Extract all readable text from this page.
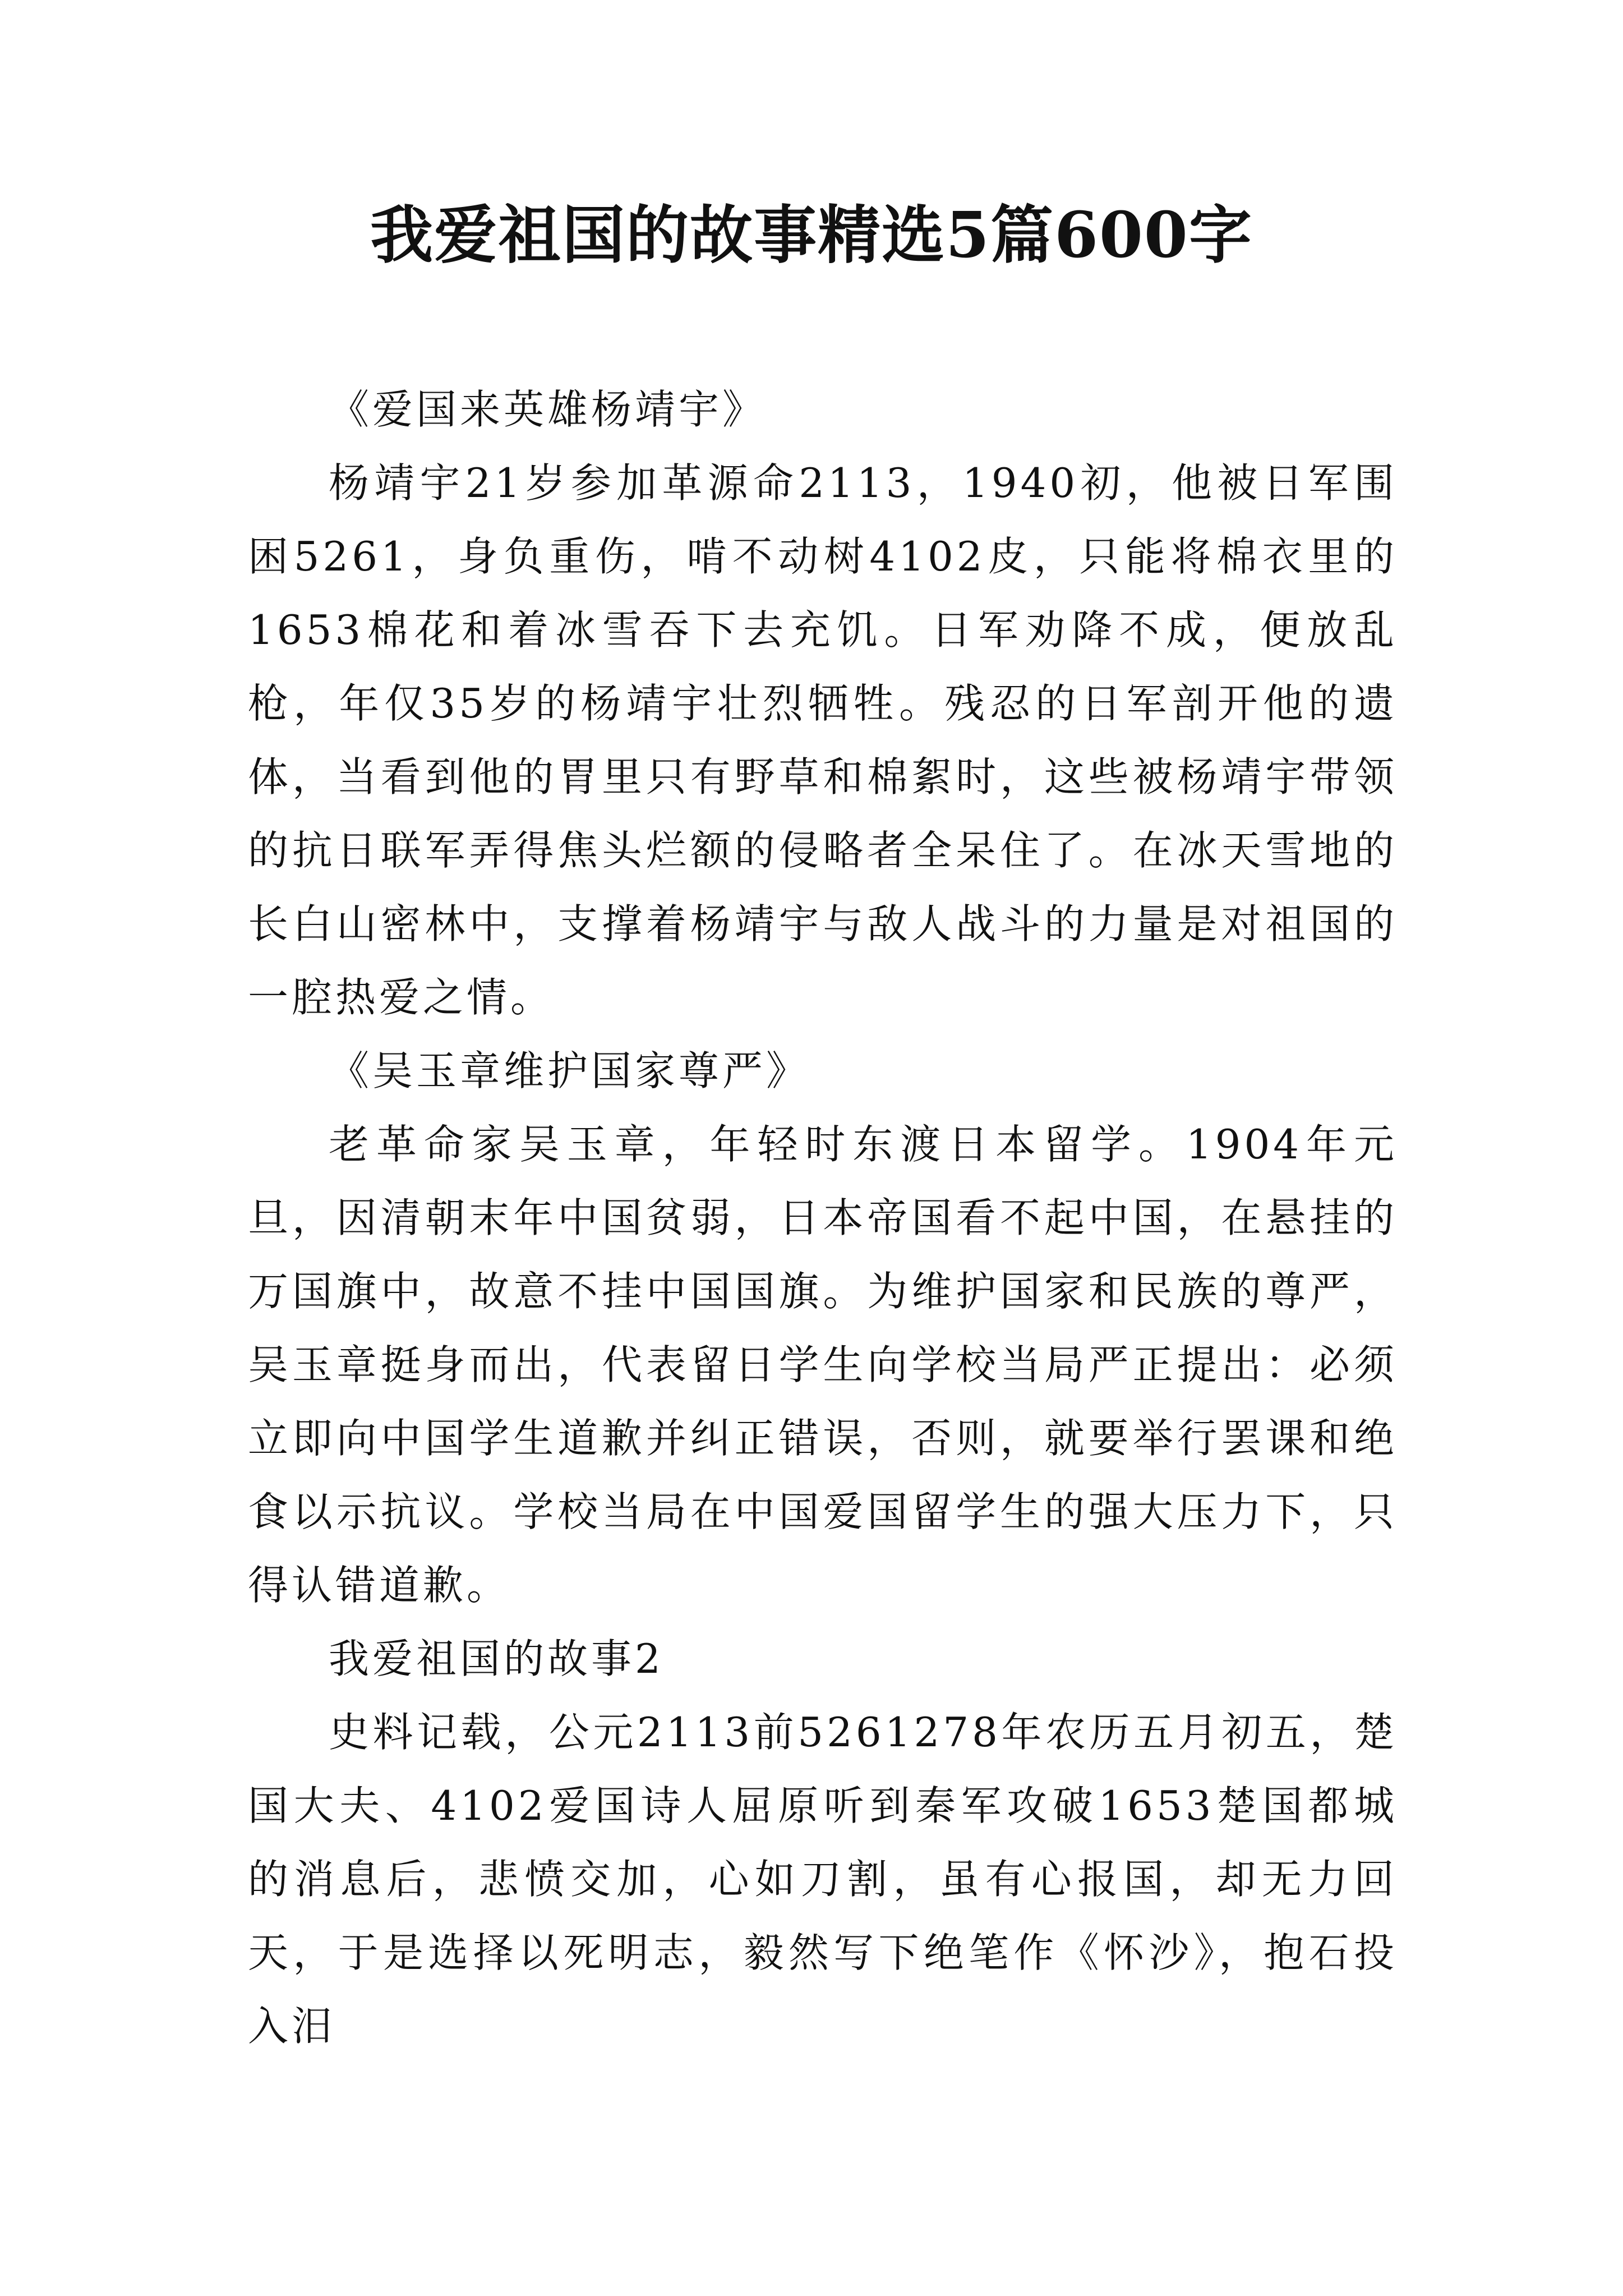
我爱祖国的故事精选5篇600字

《爱国来英雄杨靖宇》

杨靖宇21岁参加革源命2113，1940初，他被日军围困5261，身负重伤，啃不动树4102皮，只能将棉衣里的1653棉花和着冰雪吞下去充饥。日军劝降不成，便放乱枪，年仅35岁的杨靖宇壮烈牺牲。残忍的日军剖开他的遗体，当看到他的胃里只有野草和棉絮时，这些被杨靖宇带领的抗日联军弄得焦头烂额的侵略者全呆住了。在冰天雪地的长白山密林中，支撑着杨靖宇与敌人战斗的力量是对祖国的一腔热爱之情。

《吴玉章维护国家尊严》

老革命家吴玉章，年轻时东渡日本留学。1904年元旦，因清朝末年中国贫弱，日本帝国看不起中国，在悬挂的万国旗中，故意不挂中国国旗。为维护国家和民族的尊严，吴玉章挺身而出，代表留日学生向学校当局严正提出：必须立即向中国学生道歉并纠正错误，否则，就要举行罢课和绝食以示抗议。学校当局在中国爱国留学生的强大压力下，只得认错道歉。

我爱祖国的故事2

史料记载，公元2113前5261278年农历五月初五，楚国大夫、4102爱国诗人屈原听到秦军攻破1653楚国都城的消息后，悲愤交加，心如刀割，虽有心报国，却无力回天，于是选择以死明志，毅然写下绝笔作《怀沙》，抱石投入汨
